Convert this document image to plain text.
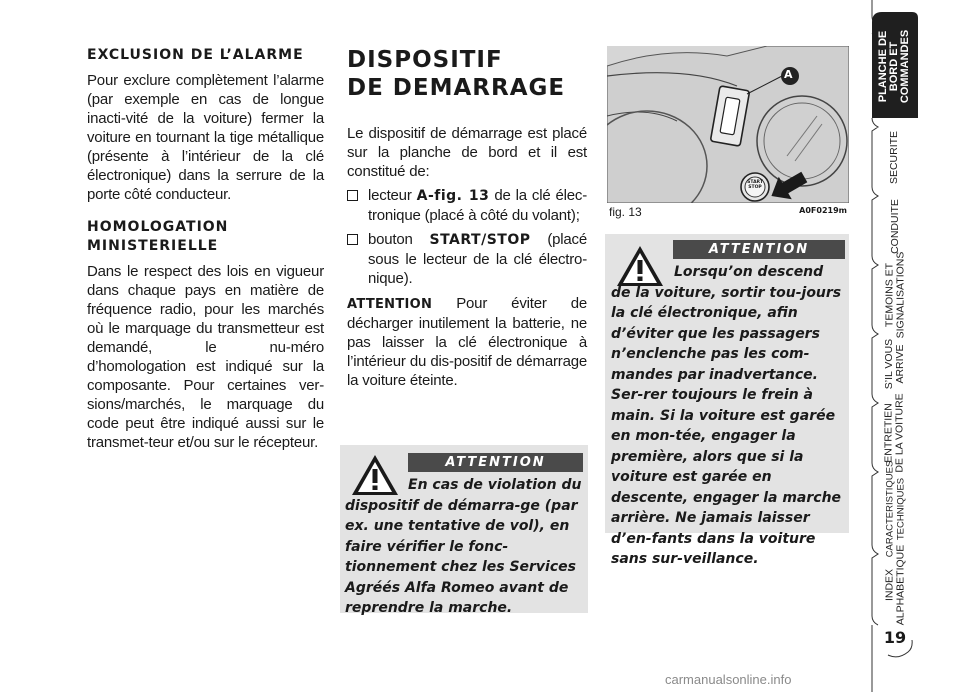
EXCLUSION DE L’ALARME

Pour exclure complètement l’alarme (par exemple en cas de longue inacti-vité de la voiture) fermer la voiture en tournant la tige métallique (présente à l’intérieur de la clé électronique) dans la serrure de la porte côté conducteur.

HOMOLOGATION
MINISTERIELLE

Dans le respect des lois en vigueur dans chaque pays en matière de fréquence radio, pour les marchés où le marquage du transmetteur est demandé, le nu-méro d’homologation est indiqué sur la composante. Pour certaines ver-sions/marchés, le marquage du code peut être indiqué aussi sur le transmet-teur et/ou sur le récepteur.

DISPOSITIF
DE DEMARRAGE

Le dispositif de démarrage est placé sur la planche de bord et il est constitué de:

lecteur A-fig. 13 de la clé élec-tronique (placé à côté du volant);

bouton START/STOP (placé sous le lecteur de la clé électro-nique).

ATTENTION Pour éviter de décharger inutilement la batterie, ne pas laisser la clé électronique à l’intérieur du dis-positif de démarrage la voiture éteinte.

ATTENTION

En cas de violation du dispositif de démarra-ge (par ex. une tentative de vol), en faire vérifier le fonc-tionnement chez les Services Agréés Alfa Romeo avant de reprendre la marche.

A
START STOP
A0F0219m
fig. 13
ATTENTION

Lorsqu’on descend de la voiture, sortir tou-jours la clé électronique, afin d’éviter que les passagers n’enclenche pas les com-mandes par inadvertance. Ser-rer toujours le frein à main. Si la voiture est garée en mon-tée, engager la première, alors que si la voiture est garée en descente, engager la marche arrière. Ne jamais laisser d’en-fants dans la voiture sans sur-veillance.

PLANCHE DE
BORD ET
COMMANDES
SECURITE
CONDUITE
TEMOINS ET
SIGNALISATIONS
S’IL VOUS
ARRIVE
ENTRETIEN
DE LA VOITURE
CARACTERISTIQUES
TECHNIQUES
INDEX
ALPHABETIQUE
19
carmanualsonline.info
